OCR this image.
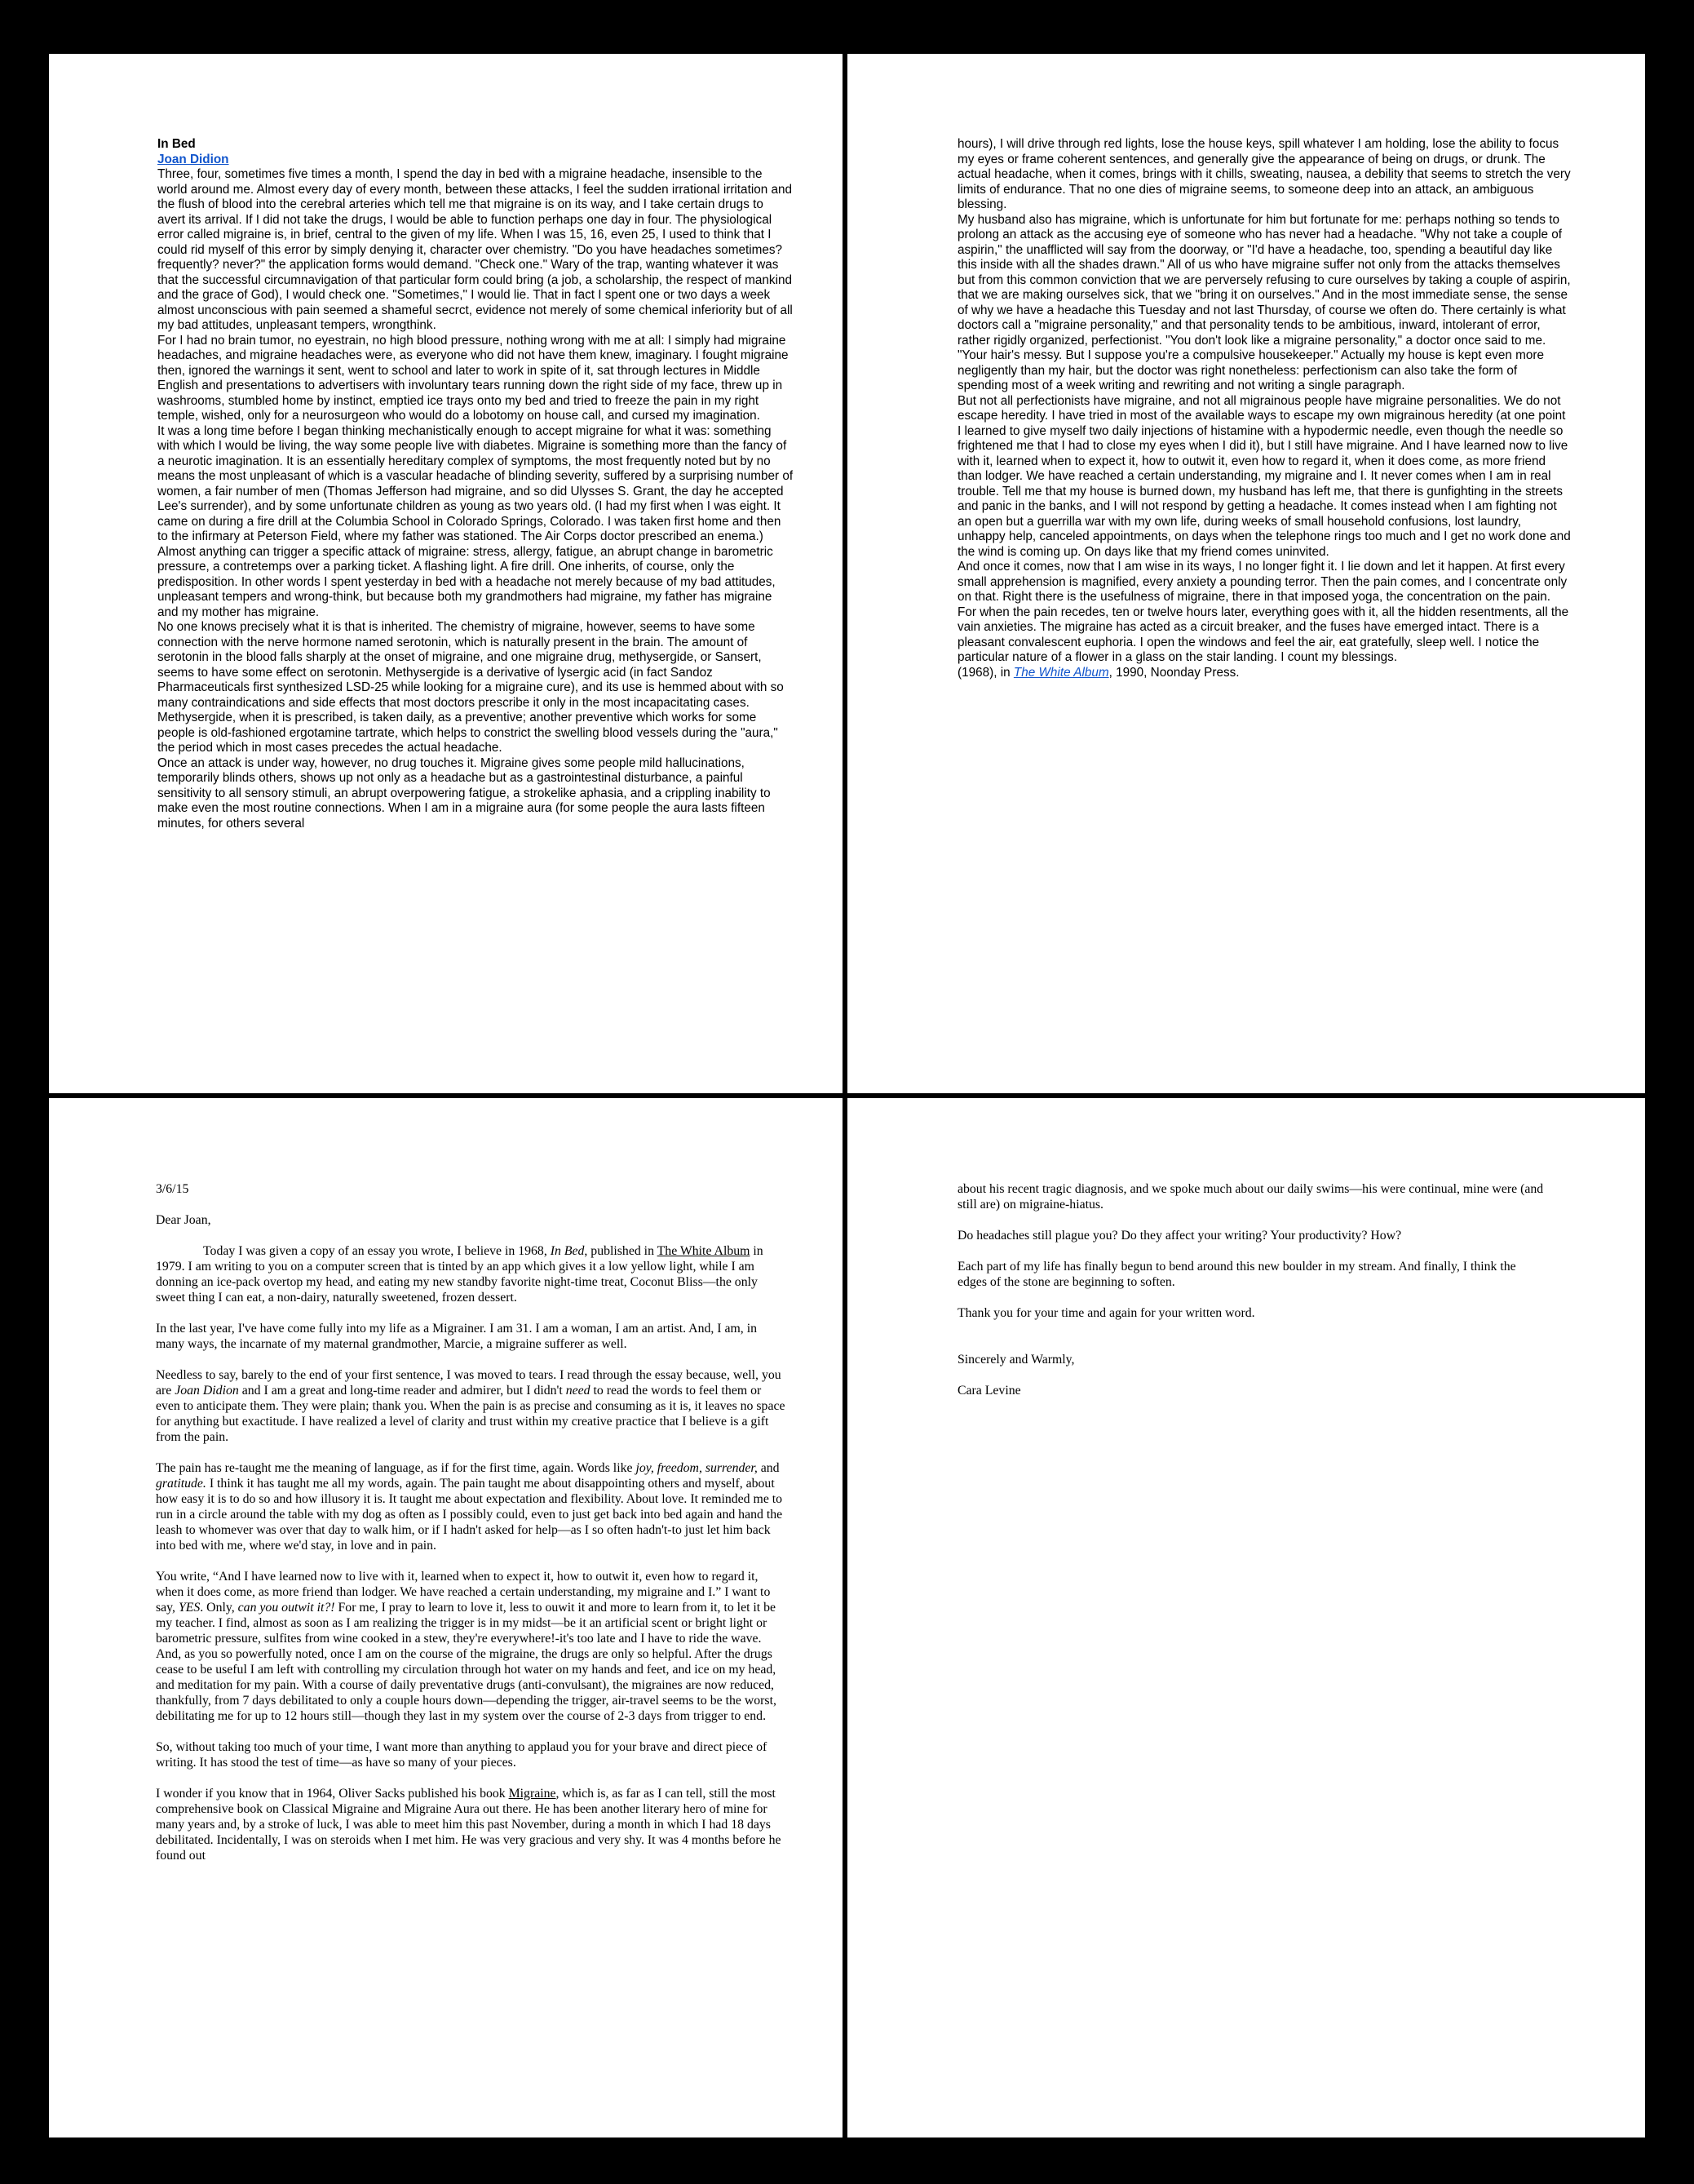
In Bed

Joan Didion

Three, four, sometimes five times a month, I spend the day in bed with a migraine headache, insensible to the world around me. Almost every day of every month, between these attacks, I feel the sudden irrational irritation and the flush of blood into the cerebral arteries which tell me that migraine is on its way, and I take certain drugs to avert its arrival. If I did not take the drugs, I would be able to function perhaps one day in four. The physiological error called migraine is, in brief, central to the given of my life. When I was 15, 16, even 25, I used to think that I could rid myself of this error by simply denying it, character over chemistry. "Do you have headaches sometimes? frequently? never?" the application forms would demand. "Check one." Wary of the trap, wanting whatever it was that the successful circumnavigation of that particular form could bring (a job, a scholarship, the respect of mankind and the grace of God), I would check one. "Sometimes," I would lie. That in fact I spent one or two days a week almost unconscious with pain seemed a shameful secrct, evidence not merely of some chemical inferiority but of all my bad attitudes, unpleasant tempers, wrongthink.

For I had no brain tumor, no eyestrain, no high blood pressure, nothing wrong with me at all: I simply had migraine headaches, and migraine headaches were, as everyone who did not have them knew, imaginary. I fought migraine then, ignored the warnings it sent, went to school and later to work in spite of it, sat through lectures in Middle English and presentations to advertisers with involuntary tears running down the right side of my face, threw up in washrooms, stumbled home by instinct, emptied ice trays onto my bed and tried to freeze the pain in my right temple, wished, only for a neurosurgeon who would do a lobotomy on house call, and cursed my imagination.

It was a long time before I began thinking mechanistically enough to accept migraine for what it was: something with which I would be living, the way some people live with diabetes. Migraine is something more than the fancy of a neurotic imagination. It is an essentially hereditary complex of symptoms, the most frequently noted but by no means the most unpleasant of which is a vascular headache of blinding severity, suffered by a surprising number of women, a fair number of men (Thomas Jefferson had migraine, and so did Ulysses S. Grant, the day he accepted Lee's surrender), and by some unfortunate children as young as two years old. (I had my first when I was eight. It came on during a fire drill at the Columbia School in Colorado Springs, Colorado. I was taken first home and then to the infirmary at Peterson Field, where my father was stationed. The Air Corps doctor prescribed an enema.) Almost anything can trigger a specific attack of migraine: stress, allergy, fatigue, an abrupt change in barometric pressure, a contretemps over a parking ticket. A flashing light. A fire drill. One inherits, of course, only the predisposition. In other words I spent yesterday in bed with a headache not merely because of my bad attitudes, unpleasant tempers and wrong-think, but because both my grandmothers had migraine, my father has migraine and my mother has migraine.

No one knows precisely what it is that is inherited. The chemistry of migraine, however, seems to have some connection with the nerve hormone named serotonin, which is naturally present in the brain. The amount of serotonin in the blood falls sharply at the onset of migraine, and one migraine drug, methysergide, or Sansert, seems to have some effect on serotonin. Methysergide is a derivative of lysergic acid (in fact Sandoz Pharmaceuticals first synthesized LSD-25 while looking for a migraine cure), and its use is hemmed about with so many contraindications and side effects that most doctors prescribe it only in the most incapacitating cases. Methysergide, when it is prescribed, is taken daily, as a preventive; another preventive which works for some people is old-fashioned ergotamine tartrate, which helps to constrict the swelling blood vessels during the "aura," the period which in most cases precedes the actual headache.

Once an attack is under way, however, no drug touches it. Migraine gives some people mild hallucinations, temporarily blinds others, shows up not only as a headache but as a gastrointestinal disturbance, a painful sensitivity to all sensory stimuli, an abrupt overpowering fatigue, a strokelike aphasia, and a crippling inability to make even the most routine connections. When I am in a migraine aura (for some people the aura lasts fifteen minutes, for others several

hours), I will drive through red lights, lose the house keys, spill whatever I am holding, lose the ability to focus my eyes or frame coherent sentences, and generally give the appearance of being on drugs, or drunk. The actual headache, when it comes, brings with it chills, sweating, nausea, a debility that seems to stretch the very limits of endurance. That no one dies of migraine seems, to someone deep into an attack, an ambiguous blessing.

My husband also has migraine, which is unfortunate for him but fortunate for me: perhaps nothing so tends to prolong an attack as the accusing eye of someone who has never had a headache. "Why not take a couple of aspirin," the unafflicted will say from the doorway, or "I'd have a headache, too, spending a beautiful day like this inside with all the shades drawn." All of us who have migraine suffer not only from the attacks themselves but from this common conviction that we are perversely refusing to cure ourselves by taking a couple of aspirin, that we are making ourselves sick, that we "bring it on ourselves." And in the most immediate sense, the sense of why we have a headache this Tuesday and not last Thursday, of course we often do. There certainly is what doctors call a "migraine personality," and that personality tends to be ambitious, inward, intolerant of error, rather rigidly organized, perfectionist. "You don't look like a migraine personality," a doctor once said to me. "Your hair's messy. But I suppose you're a compulsive housekeeper." Actually my house is kept even more negligently than my hair, but the doctor was right nonetheless: perfectionism can also take the form of spending most of a week writing and rewriting and not writing a single paragraph.

But not all perfectionists have migraine, and not all migrainous people have migraine personalities. We do not escape heredity. I have tried in most of the available ways to escape my own migrainous heredity (at one point I learned to give myself two daily injections of histamine with a hypodermic needle, even though the needle so frightened me that I had to close my eyes when I did it), but I still have migraine. And I have learned now to live with it, learned when to expect it, how to outwit it, even how to regard it, when it does come, as more friend than lodger. We have reached a certain understanding, my migraine and I. It never comes when I am in real trouble. Tell me that my house is burned down, my husband has left me, that there is gunfighting in the streets and panic in the banks, and I will not respond by getting a headache. It comes instead when I am fighting not an open but a guerrilla war with my own life, during weeks of small household confusions, lost laundry, unhappy help, canceled appointments, on days when the telephone rings too much and I get no work done and the wind is coming up. On days like that my friend comes uninvited.

And once it comes, now that I am wise in its ways, I no longer fight it. I lie down and let it happen. At first every small apprehension is magnified, every anxiety a pounding terror. Then the pain comes, and I concentrate only on that. Right there is the usefulness of migraine, there in that imposed yoga, the concentration on the pain. For when the pain recedes, ten or twelve hours later, everything goes with it, all the hidden resentments, all the vain anxieties. The migraine has acted as a circuit breaker, and the fuses have emerged intact. There is a pleasant convalescent euphoria. I open the windows and feel the air, eat gratefully, sleep well. I notice the particular nature of a flower in a glass on the stair landing. I count my blessings.

(1968), in The White Album, 1990, Noonday Press.

3/6/15

Dear Joan,

Today I was given a copy of an essay you wrote, I believe in 1968, In Bed, published in The White Album in 1979. I am writing to you on a computer screen that is tinted by an app which gives it a low yellow light, while I am donning an ice-pack overtop my head, and eating my new standby favorite night-time treat, Coconut Bliss—the only sweet thing I can eat, a non-dairy, naturally sweetened, frozen dessert.

In the last year, I've have come fully into my life as a Migrainer. I am 31. I am a woman, I am an artist. And, I am, in many ways, the incarnate of my maternal grandmother, Marcie, a migraine sufferer as well.

Needless to say, barely to the end of your first sentence, I was moved to tears. I read through the essay because, well, you are Joan Didion and I am a great and long-time reader and admirer, but I didn't need to read the words to feel them or even to anticipate them. They were plain; thank you. When the pain is as precise and consuming as it is, it leaves no space for anything but exactitude. I have realized a level of clarity and trust within my creative practice that I believe is a gift from the pain.

The pain has re-taught me the meaning of language, as if for the first time, again. Words like joy, freedom, surrender, and gratitude. I think it has taught me all my words, again. The pain taught me about disappointing others and myself, about how easy it is to do so and how illusory it is. It taught me about expectation and flexibility. About love. It reminded me to run in a circle around the table with my dog as often as I possibly could, even to just get back into bed again and hand the leash to whomever was over that day to walk him, or if I hadn't asked for help—as I so often hadn't-to just let him back into bed with me, where we'd stay, in love and in pain.

You write, “And I have learned now to live with it, learned when to expect it, how to outwit it, even how to regard it, when it does come, as more friend than lodger. We have reached a certain understanding, my migraine and I.” I want to say, YES. Only, can you outwit it?! For me, I pray to learn to love it, less to ouwit it and more to learn from it, to let it be my teacher. I find, almost as soon as I am realizing the trigger is in my midst—be it an artificial scent or bright light or barometric pressure, sulfites from wine cooked in a stew, they're everywhere!-it's too late and I have to ride the wave. And, as you so powerfully noted, once I am on the course of the migraine, the drugs are only so helpful. After the drugs cease to be useful I am left with controlling my circulation through hot water on my hands and feet, and ice on my head, and meditation for my pain. With a course of daily preventative drugs (anti-convulsant), the migraines are now reduced, thankfully, from 7 days debilitated to only a couple hours down—depending the trigger, air-travel seems to be the worst, debilitating me for up to 12 hours still—though they last in my system over the course of 2-3 days from trigger to end.

So, without taking too much of your time, I want more than anything to applaud you for your brave and direct piece of writing. It has stood the test of time—as have so many of your pieces.

I wonder if you know that in 1964, Oliver Sacks published his book Migraine, which is, as far as I can tell, still the most comprehensive book on Classical Migraine and Migraine Aura out there. He has been another literary hero of mine for many years and, by a stroke of luck, I was able to meet him this past November, during a month in which I had 18 days debilitated. Incidentally, I was on steroids when I met him. He was very gracious and very shy. It was 4 months before he found out

about his recent tragic diagnosis, and we spoke much about our daily swims—his were continual, mine were (and still are) on migraine-hiatus.

Do headaches still plague you? Do they affect your writing? Your productivity? How?

Each part of my life has finally begun to bend around this new boulder in my stream. And finally, I think the edges of the stone are beginning to soften.

Thank you for your time and again for your written word.

Sincerely and Warmly,

Cara Levine
